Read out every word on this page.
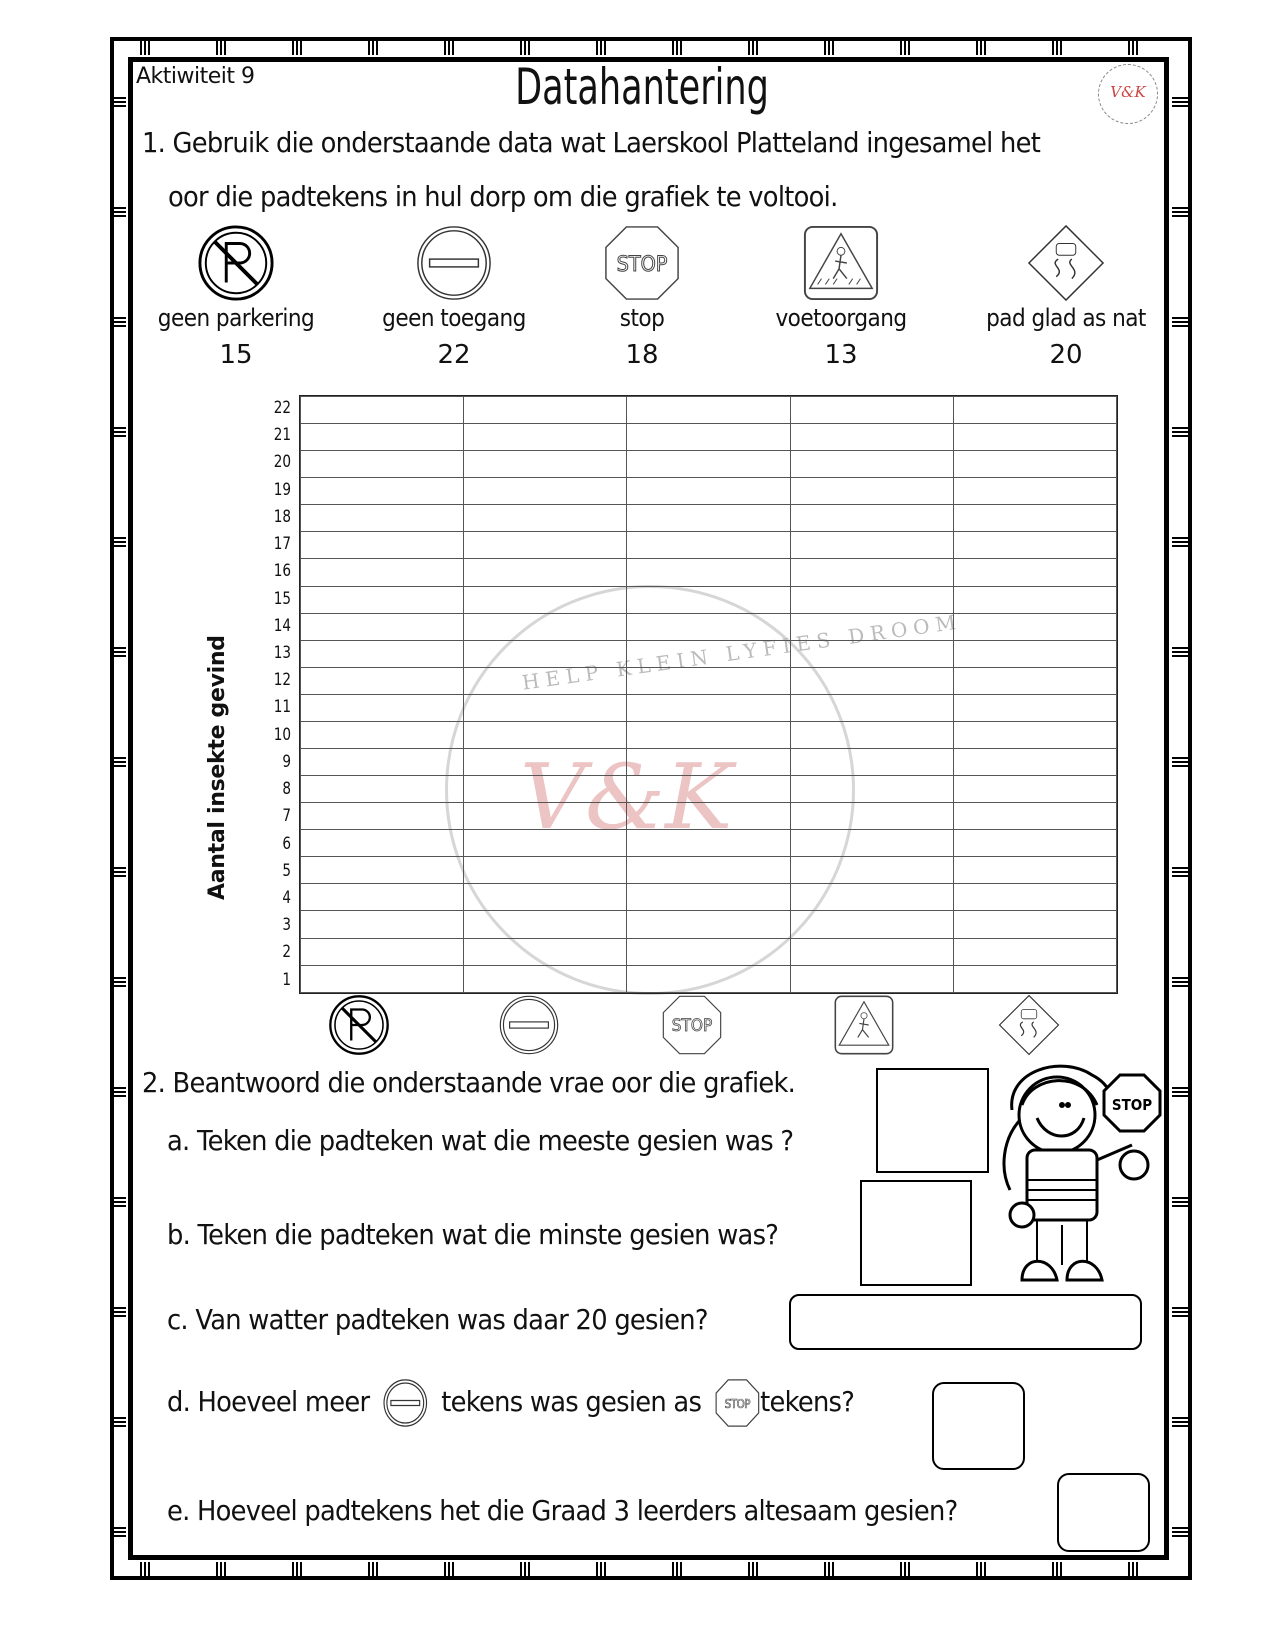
Aktiwiteit 9	Datahantering	V&K
1. Gebruik die onderstaande data wat Laerskool Platteland ingesamel het
oor die padtekens in hul dorp om die grafiek te voltooi.
STOP
geen parkering	geen toegang	stop	voetoorgang	pad glad as nat
15	22	18	13	20
HELP KLEIN LYFIES DROOM
V&K
Aantal insekte gevind
22
21
20
19
18
17
16
15
14
13
12
11
10
9
8
7
6
5
4
3
2
1

STOP
2. Beantwoord die onderstaande vrae oor die grafiek.
a. Teken die padteken wat die meeste gesien was ?
b. Teken die padteken wat die minste gesien was?
c. Van watter padteken was daar 20 gesien?
d. Hoeveel meer	tekens was gesien as STOP tekens?
e. Hoeveel padtekens het die Graad 3 leerders altesaam gesien?
STOP
